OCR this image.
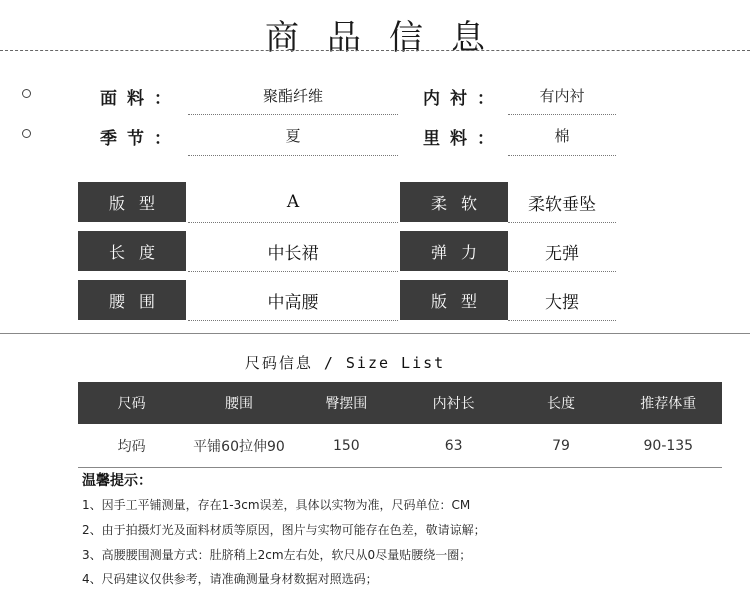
商品信息
面料：	聚酯纤维	内衬：	有内衬
季节：	夏	里料：	棉
版型	A	柔软	柔软垂坠
长度	中长裙	弹力	无弹
腰围	中高腰	版型	大摆
尺码信息 / Size List
尺码	腰围	臀摆围	内衬长	长度	推荐体重
均码	平铺60拉伸90	150	63	79	90-135
温馨提示：
1、因手工平铺测量，存在1-3cm误差，具体以实物为准，尺码单位：CM
2、由于拍摄灯光及面料材质等原因，图片与实物可能存在色差，敬请谅解；
3、高腰腰围测量方式：肚脐稍上2cm左右处，软尺从0尽量贴腰绕一圈；
4、尺码建议仅供参考，请准确测量身材数据对照选码；
